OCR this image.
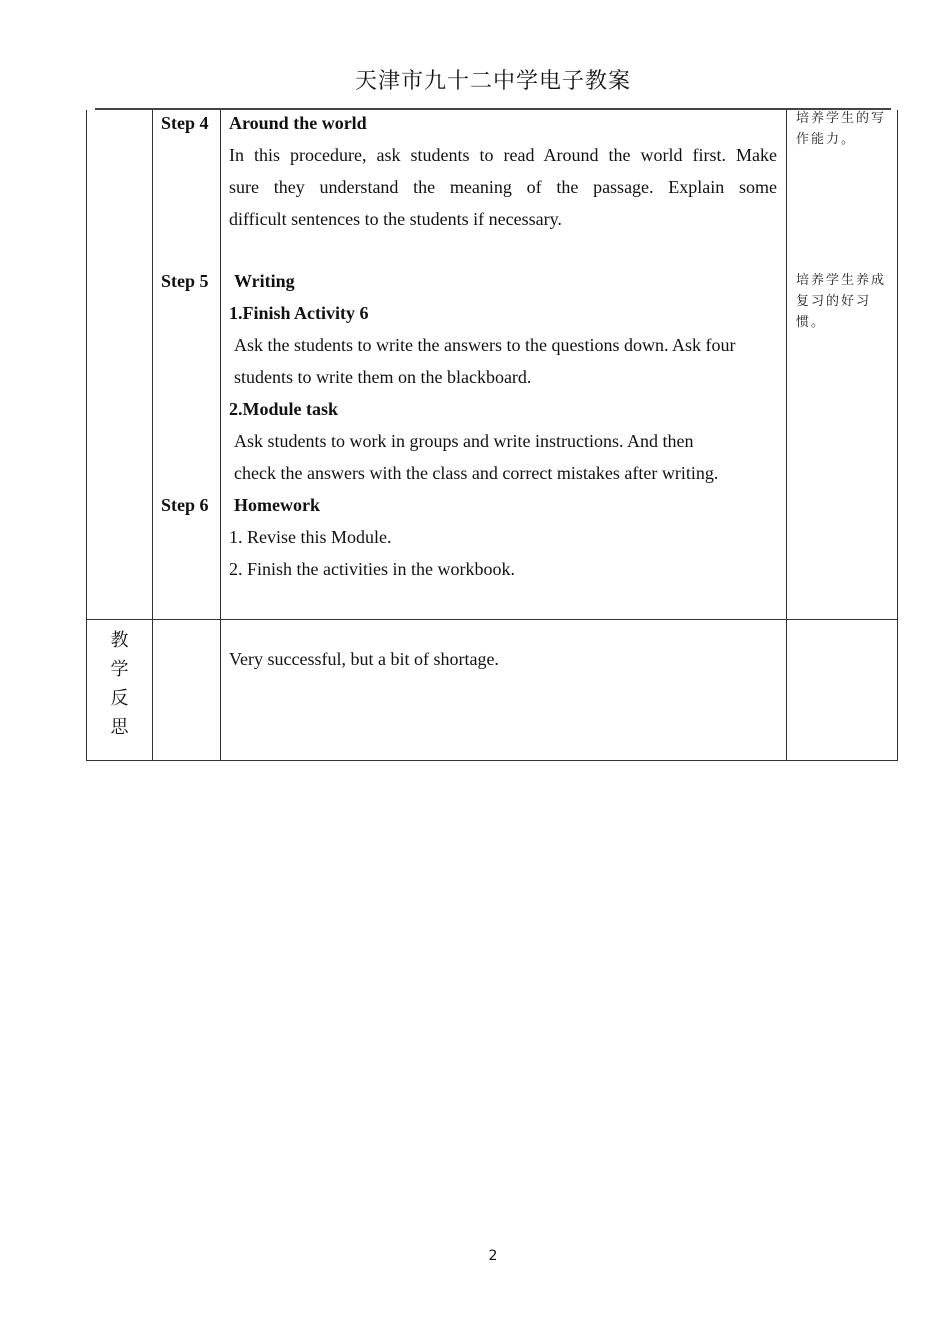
天津市九十二中学电子教案
Step 4 Around the world
In this procedure, ask students to read Around the world first. Make
sure they understand the meaning of the passage. Explain some
difficult sentences to the students if necessary.
培养学生的写
作能力。
Step 5 Writing
1.Finish Activity 6
Ask the students to write the answers to the questions down. Ask four
students to write them on the blackboard.
2.Module task
Ask students to work in groups and write instructions. And then
check the answers with the class and correct mistakes after writing.
培养学生养成
复习的好习惯。
Step 6 Homework
1. Revise this Module.
2. Finish the activities in the workbook.
教
学
反
思
Very successful, but a bit of shortage.
2
